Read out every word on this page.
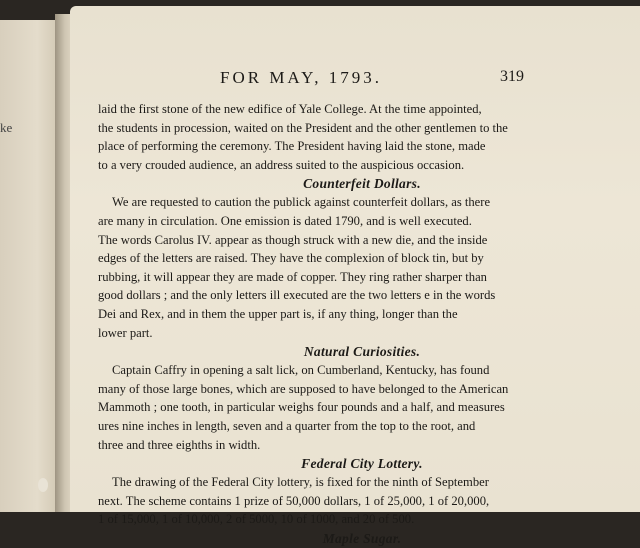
ke
FOR MAY, 1793.	319
laid the first stone of the new edifice of Yale College. At the time appointed,
the students in procession, waited on the President and the other gentlemen to the
place of performing the ceremony. The President having laid the stone, made
to a very crouded audience, an address suited to the auspicious occasion.
Counterfeit Dollars.
We are requested to caution the publick against counterfeit dollars, as there
are many in circulation. One emission is dated 1790, and is well executed.
The words Carolus IV. appear as though struck with a new die, and the inside
edges of the letters are raised. They have the complexion of block tin, but by
rubbing, it will appear they are made of copper. They ring rather sharper than
good dollars ; and the only letters ill executed are the two letters e in the words
Dei and Rex, and in them the upper part is, if any thing, longer than the
lower part.
Natural Curiosities.
Captain Caffry in opening a salt lick, on Cumberland, Kentucky, has found
many of those large bones, which are supposed to have belonged to the American
Mammoth ; one tooth, in particular weighs four pounds and a half, and measures
ures nine inches in length, seven and a quarter from the top to the root, and
three and three eighths in width.
Federal City Lottery.
The drawing of the Federal City lottery, is fixed for the ninth of September
next. The scheme contains 1 prize of 50,000 dollars, 1 of 25,000, 1 of 20,000,
1 of 15,000, 1 of 10,000, 2 of 5000, 10 of 1000, and 20 of 500.
Maple Sugar.
